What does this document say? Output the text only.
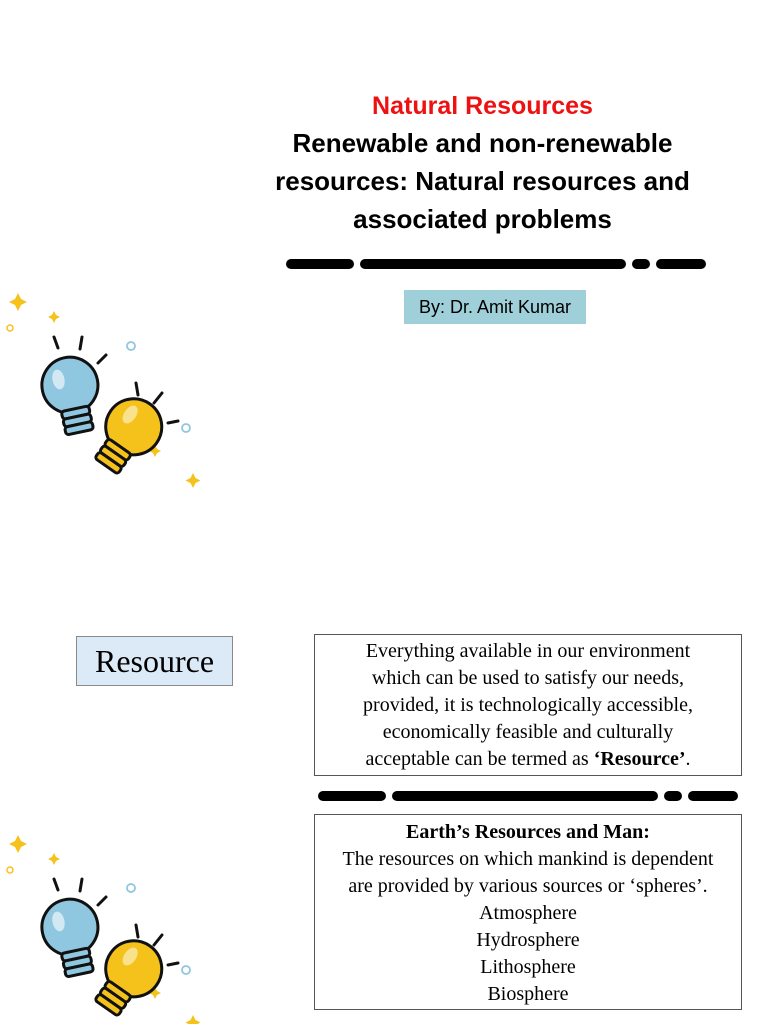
Natural Resources
Renewable and non-renewable
resources: Natural resources and
associated problems
By: Dr. Amit Kumar
Resource	Everything available in our environment
which can be used to satisfy our needs,
provided, it is technologically accessible,
economically feasible and culturally
acceptable can be termed as ‘Resource’.
Earth’s Resources and Man:
The resources on which mankind is dependent
are provided by various sources or ‘spheres’.
Atmosphere
Hydrosphere
Lithosphere
Biosphere
